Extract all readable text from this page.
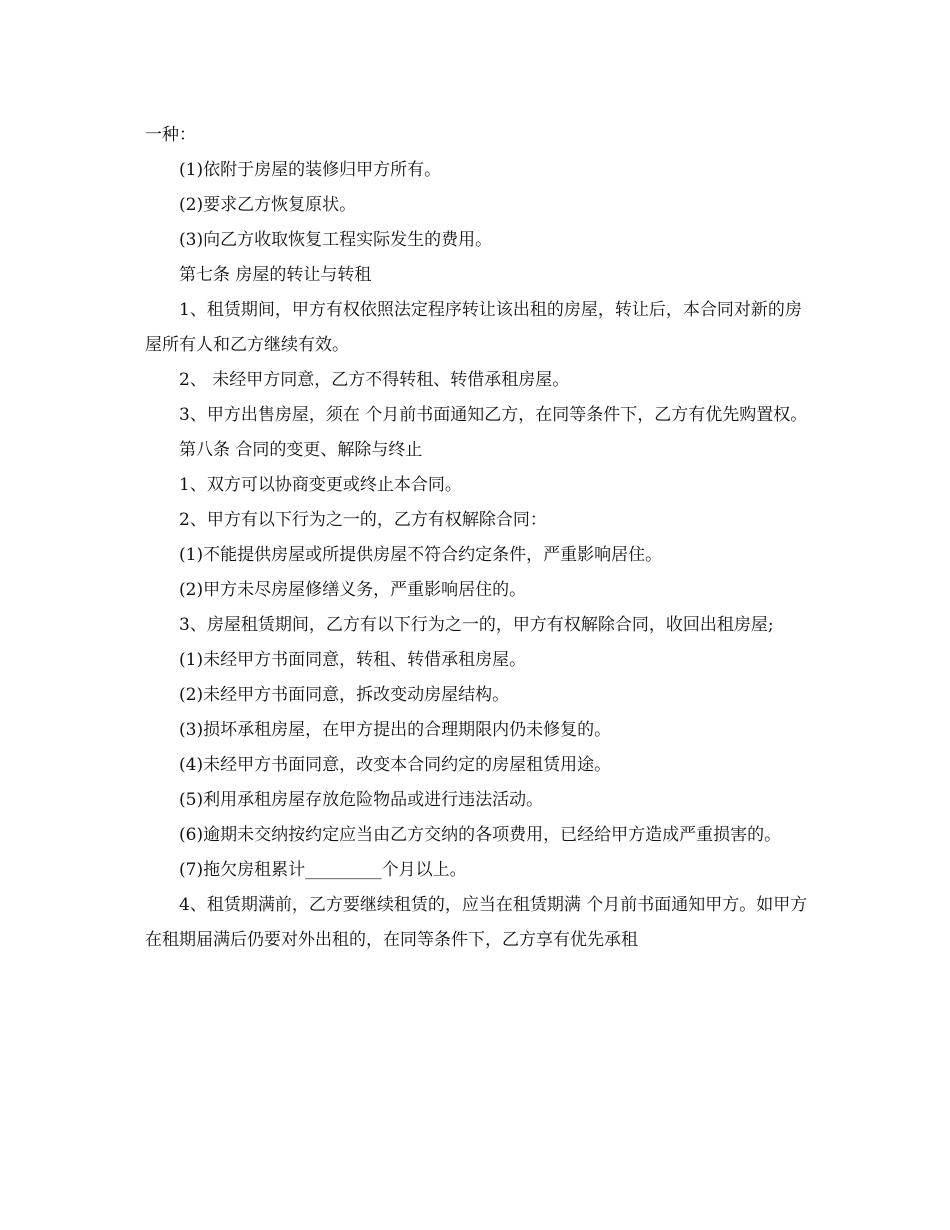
一种：

(1)依附于房屋的装修归甲方所有。

(2)要求乙方恢复原状。

(3)向乙方收取恢复工程实际发生的费用。

第七条 房屋的转让与转租

1、租赁期间，甲方有权依照法定程序转让该出租的房屋，转让后，本合同对新的房屋所有人和乙方继续有效。

2、 未经甲方同意，乙方不得转租、转借承租房屋。

3、甲方出售房屋，须在 个月前书面通知乙方，在同等条件下，乙方有优先购置权。

第八条 合同的变更、解除与终止

1、双方可以协商变更或终止本合同。

2、甲方有以下行为之一的，乙方有权解除合同：

(1)不能提供房屋或所提供房屋不符合约定条件，严重影响居住。

(2)甲方未尽房屋修缮义务，严重影响居住的。

3、房屋租赁期间，乙方有以下行为之一的，甲方有权解除合同，收回出租房屋;

(1)未经甲方书面同意，转租、转借承租房屋。

(2)未经甲方书面同意，拆改变动房屋结构。

(3)损坏承租房屋，在甲方提出的合理期限内仍未修复的。

(4)未经甲方书面同意，改变本合同约定的房屋租赁用途。

(5)利用承租房屋存放危险物品或进行违法活动。

(6)逾期未交纳按约定应当由乙方交纳的各项费用，已经给甲方造成严重损害的。

(7)拖欠房租累计_________个月以上。

4、租赁期满前，乙方要继续租赁的，应当在租赁期满 个月前书面通知甲方。如甲方在租期届满后仍要对外出租的，在同等条件下，乙方享有优先承租
